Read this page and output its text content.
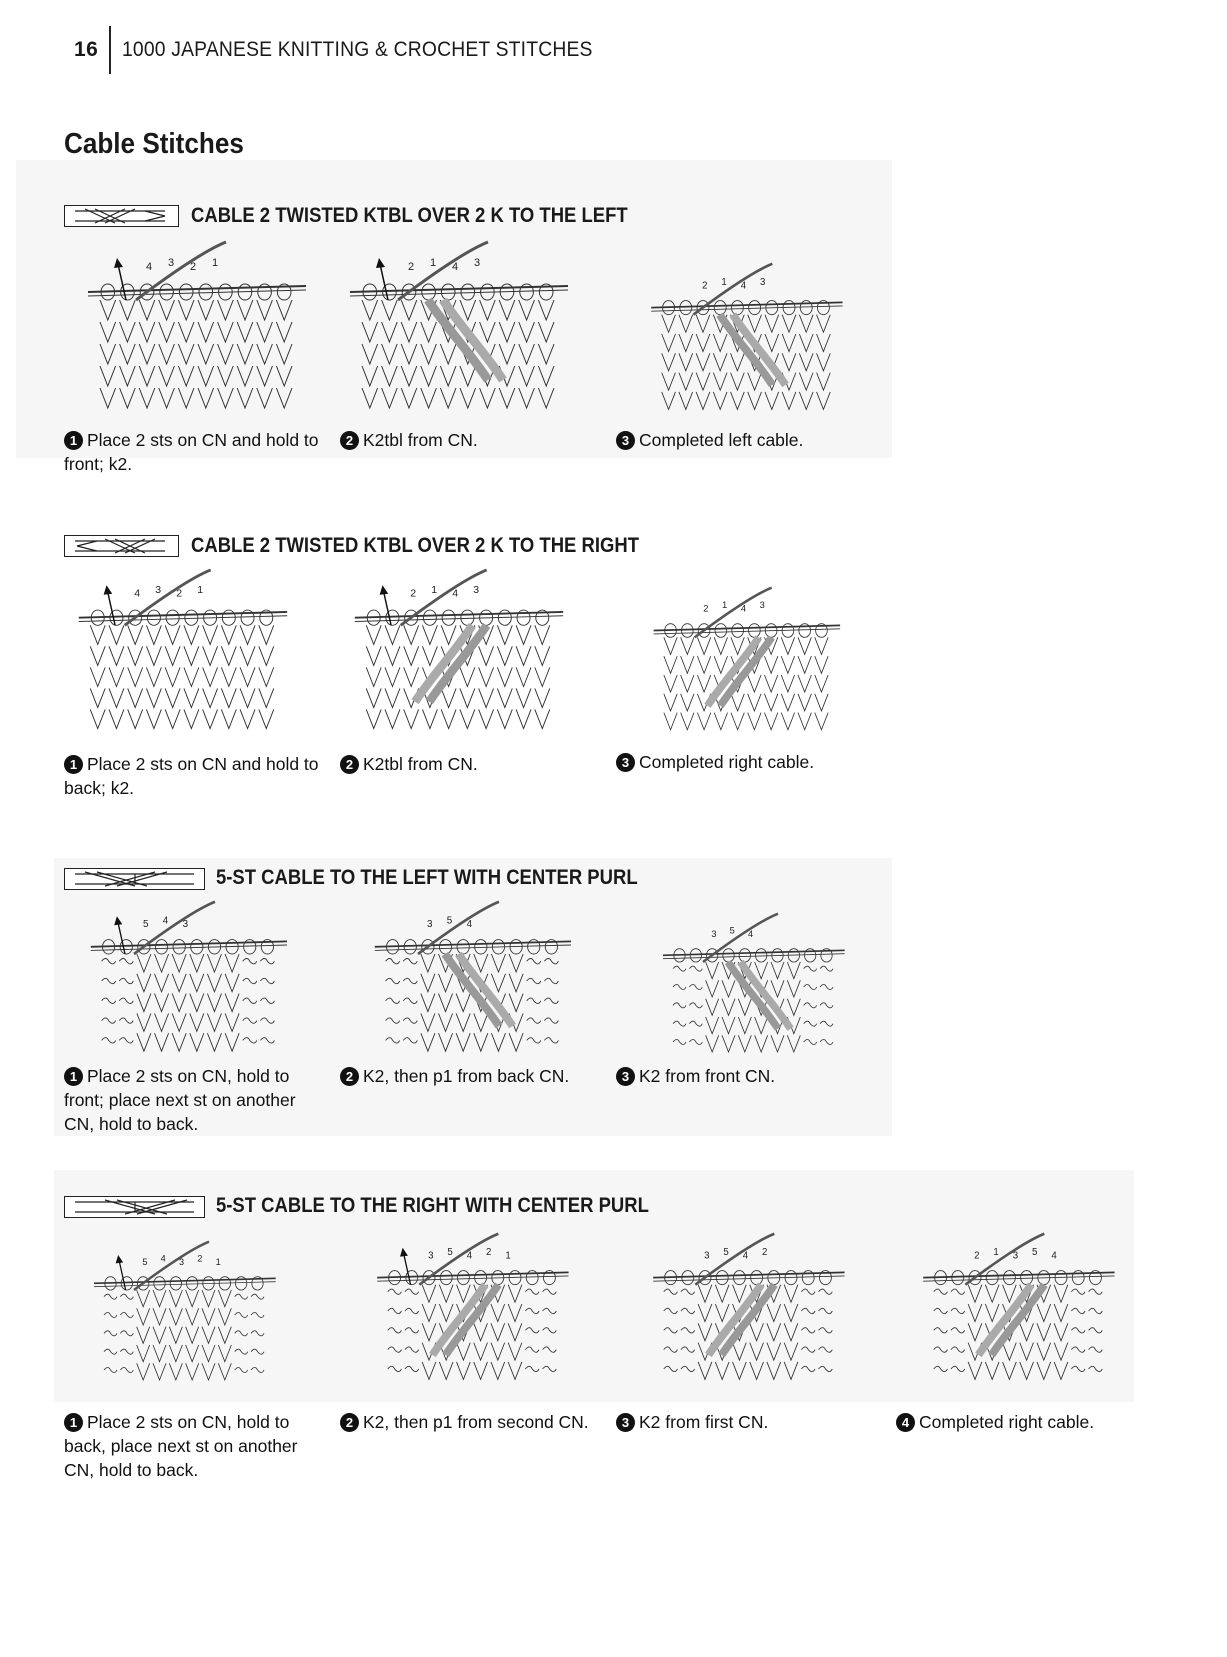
16 1000 JAPANESE KNITTING & CROCHET STITCHES
Cable Stitches
CABLE 2 TWISTED KTBL OVER 2 K TO THE LEFT
4 3 2 1	2 1 4 3
2 1 4 3
1 Place 2 sts on CN and hold to front; k2.
2 K2tbl from CN.	3 Completed left cable.
CABLE 2 TWISTED KTBL OVER 2 K TO THE RIGHT
4 3 2 1	2 1 4 3
2 1 4 3
1 Place 2 sts on CN and hold to back; k2.
2 K2tbl from CN.	3 Completed right cable.
5-ST CABLE TO THE LEFT WITH CENTER PURL
5 4 3	3 5 4
3 5 4
1 Place 2 sts on CN, hold to front; place next st on another CN, hold to back.
2 K2, then p1 from back CN.	3 K2 from front CN.
5-ST CABLE TO THE RIGHT WITH CENTER PURL
5 4 3 2 1
3 5 4 2 1	3 5 4 2	2 1 3 5 4
1 Place 2 sts on CN, hold to back, place next st on another CN, hold to back.
2 K2, then p1 from second CN.	3 K2 from first CN.	4 Completed right cable.
